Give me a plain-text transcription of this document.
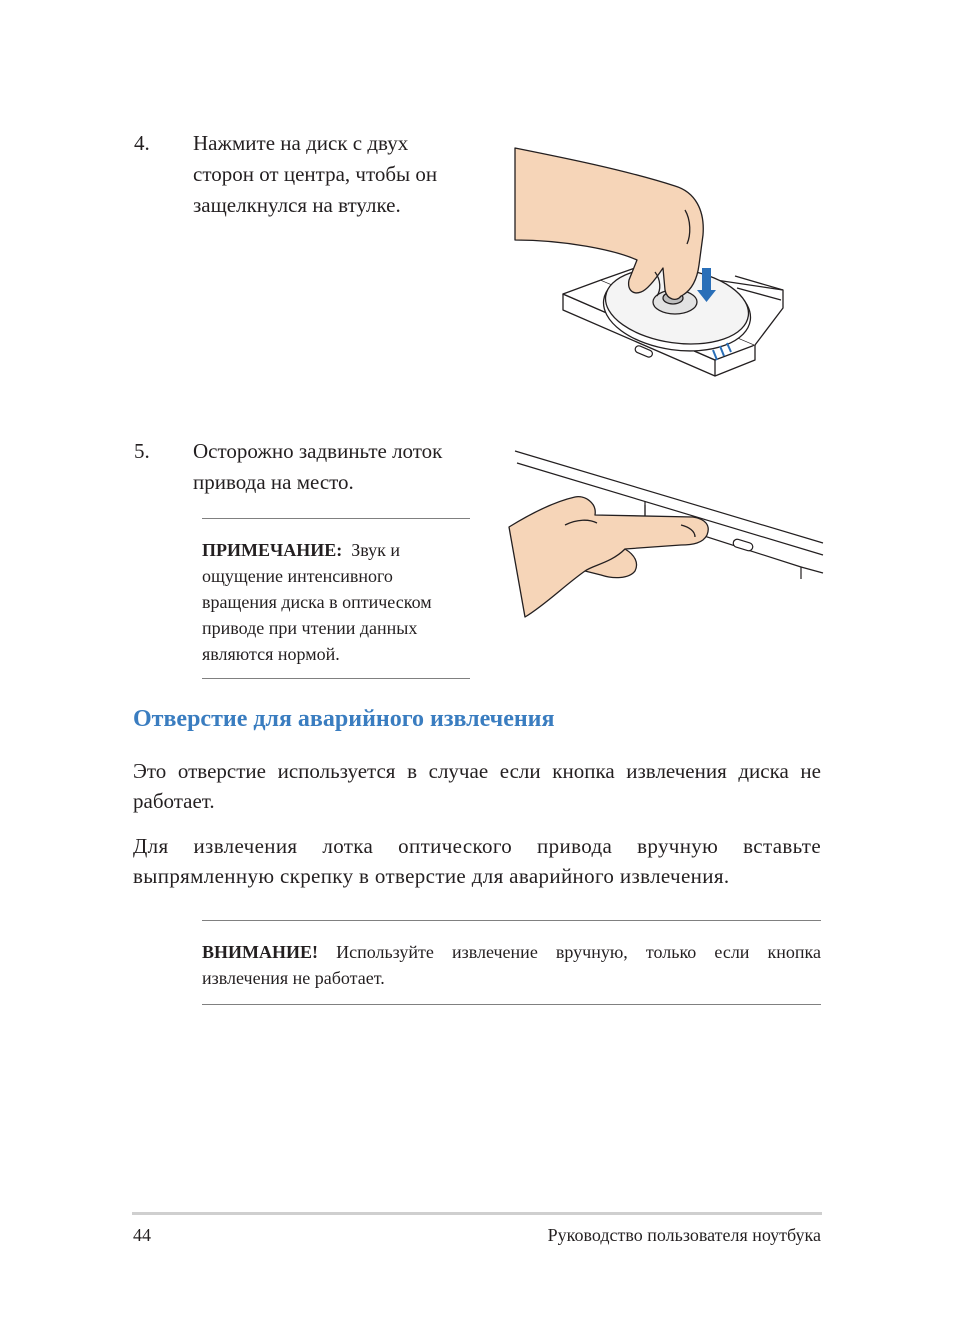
4. Нажмите на диск с двух
сторон от центра, чтобы он
защелкнулся на втулке.
5. Осторожно задвиньте лоток
привода на место.
ПРИМЕЧАНИЕ: Звук и
ощущение интенсивного
вращения диска в оптическом
приводе при чтении данных
являются нормой.
Отверстие для аварийного извлечения
Это отверстие используется в случае если кнопка извлечения диска не работает.
Для извлечения лотка оптического привода вручную вставьте выпрямленную скрепку в отверстие для аварийного извлечения.
ВНИМАНИЕ! Используйте извлечение вручную, только если кнопка извлечения не работает.
44	Руководство пользователя ноутбука
